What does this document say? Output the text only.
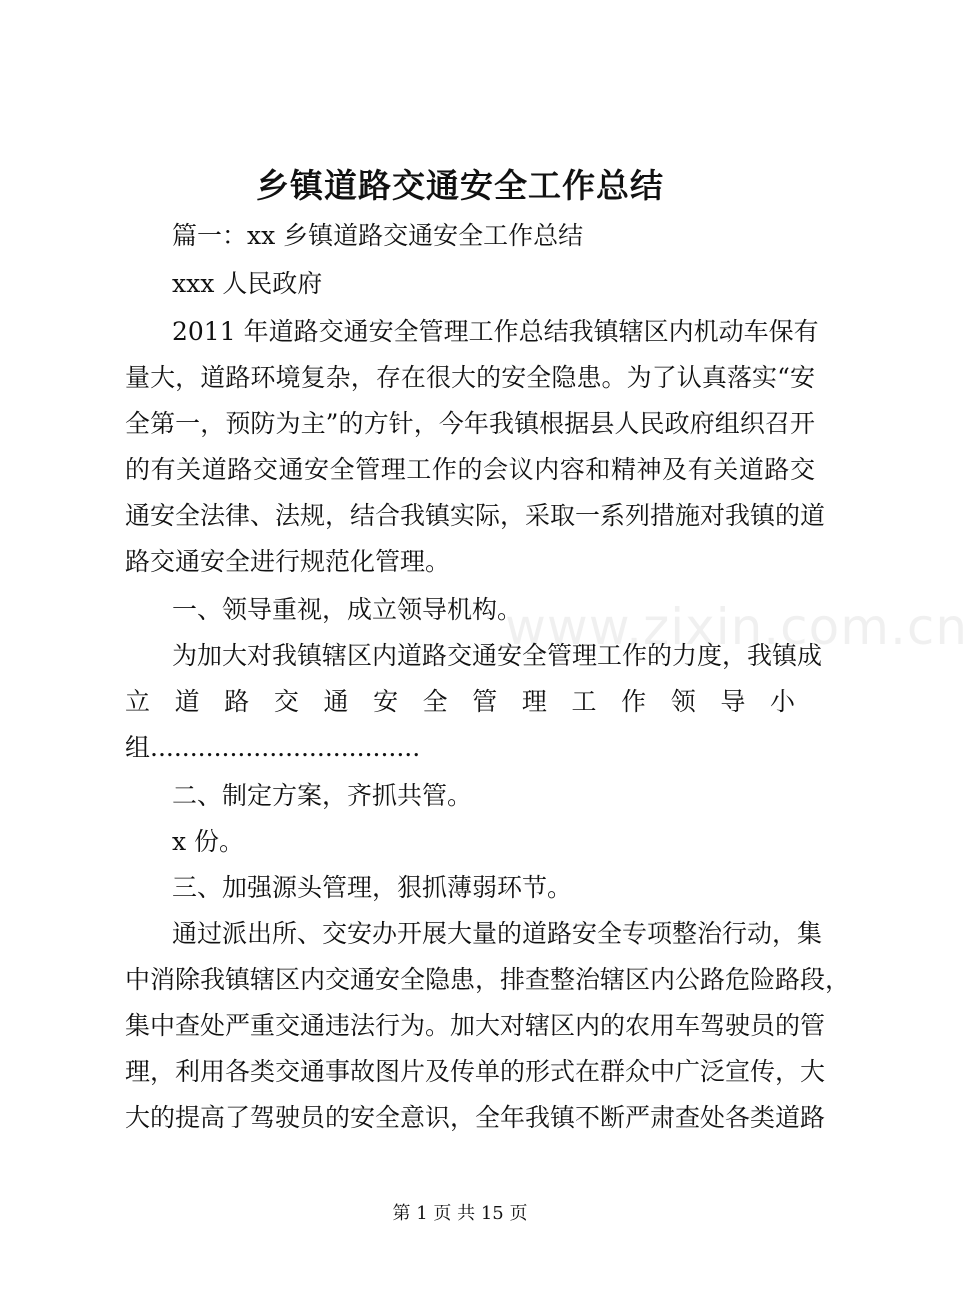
www.zixin.com.cn
乡镇道路交通安全工作总结
篇一：xx 乡镇道路交通安全工作总结
xxx 人民政府
2011 年道路交通安全管理工作总结我镇辖区内机动车保有
量大，道路环境复杂，存在很大的安全隐患。为了认真落实“安
全第一，预防为主”的方针，今年我镇根据县人民政府组织召开
的有关道路交通安全管理工作的会议内容和精神及有关道路交
通安全法律、法规，结合我镇实际，采取一系列措施对我镇的道
路交通安全进行规范化管理。
一、领导重视，成立领导机构。
为加大对我镇辖区内道路交通安全管理工作的力度，我镇成
立道路交通安全管理工作领导小
组..................................
二、制定方案，齐抓共管。
x 份。
三、加强源头管理，狠抓薄弱环节。
通过派出所、交安办开展大量的道路安全专项整治行动，集
中消除我镇辖区内交通安全隐患，排查整治辖区内公路危险路段，
集中查处严重交通违法行为。加大对辖区内的农用车驾驶员的管
理，利用各类交通事故图片及传单的形式在群众中广泛宣传，大
大的提高了驾驶员的安全意识，全年我镇不断严肃查处各类道路
第 1 页 共 15 页
